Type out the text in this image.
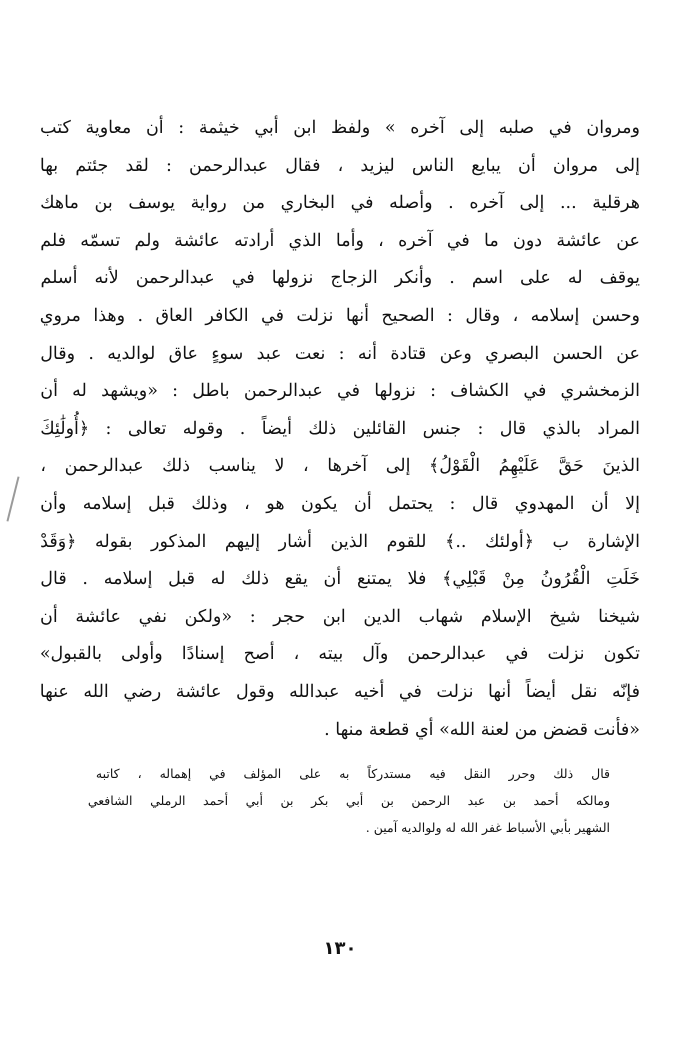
ومروان في صلبه إلى آخره » ولفظ ابن أبي خيثمة : أن معاوية كتب
إلى مروان أن يبايع الناس ليزيد ، فقال عبدالرحمن : لقد جئتم بها
هرقلية ... إلى آخره . وأصله في البخاري من رواية يوسف بن ماهك
عن عائشة دون ما في آخره ، وأما الذي أرادته عائشة ولم تسمّه فلم
يوقف له على اسم . وأنكر الزجاج نزولها في عبدالرحمن لأنه أسلم
وحسن إسلامه ، وقال : الصحيح أنها نزلت في الكافر العاق . وهذا مروي
عن الحسن البصري وعن قتادة أنه : نعت عبد سوءٍ عاق لوالديه . وقال
الزمخشري في الكشاف : نزولها في عبدالرحمن باطل : «ويشهد له أن
المراد بالذي قال : جنس القائلين ذلك أيضاً . وقوله تعالى : ﴿أُولَٰئِكَ
الذينَ حَقَّ عَلَيْهِمُ الْقَوْلُ﴾ إلى آخرها ، لا يناسب ذلك عبدالرحمن ،
إلا أن المهدوي قال : يحتمل أن يكون هو ، وذلك قبل إسلامه وأن
الإشارة ب ﴿أولئك ..﴾ للقوم الذين أشار إليهم المذكور بقوله ﴿وَقَدْ
خَلَتِ الْقُرُونُ مِنْ قَبْلِي﴾ فلا يمتنع أن يقع ذلك له قبل إسلامه . قال
شيخنا شيخ الإسلام شهاب الدين ابن حجر : «ولكن نفي عائشة أن
تكون نزلت في عبدالرحمن وآل بيته ، أصح إسنادًا وأولى بالقبول»
فإنّه نقل أيضاً أنها نزلت في أخيه عبدالله وقول عائشة رضي الله عنها
«فأنت قضض من لعنة الله» أي قطعة منها .
قال ذلك وحرر النقل فيه مستدركاً به على المؤلف في إهماله ، كاتبه
ومالكه أحمد بن عبد الرحمن بن أبي بكر بن أبي أحمد الرملي الشافعي
الشهير بأبي الأسباط غفر الله له ولوالديه آمين .
١٣٠
